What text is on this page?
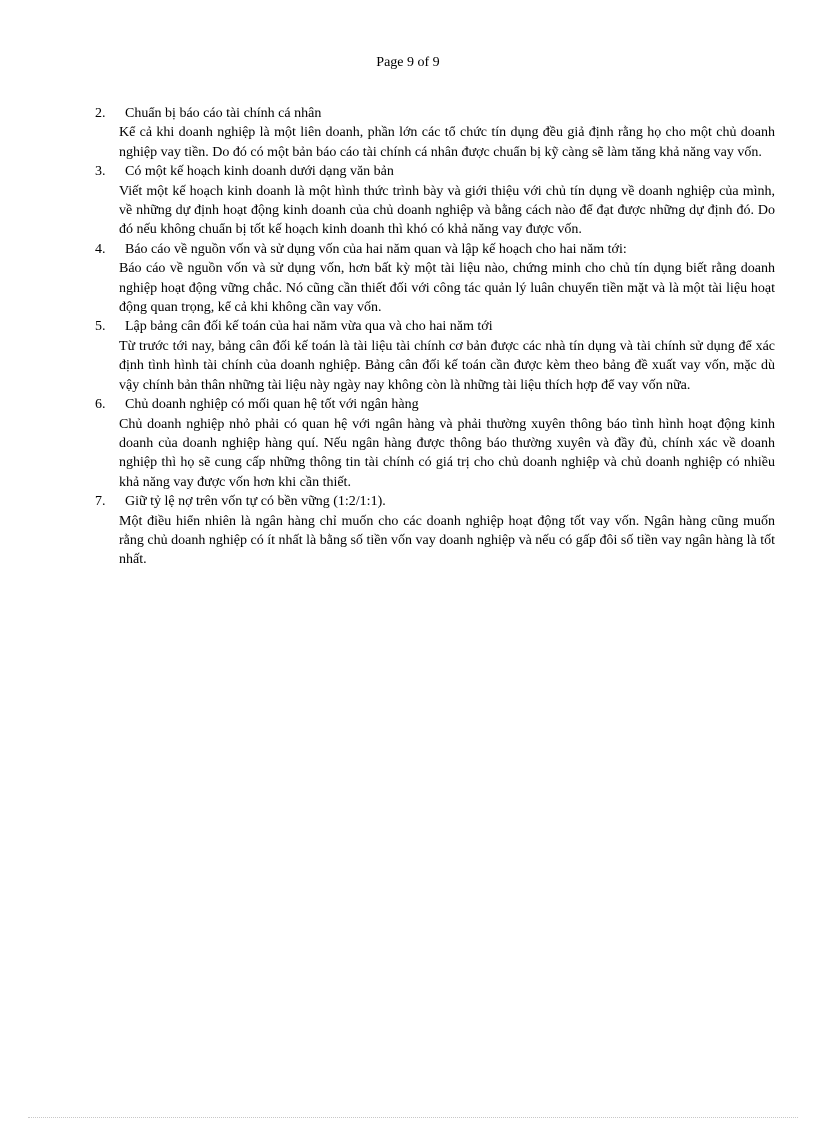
Page 9 of 9
2.	Chuẩn bị báo cáo tài chính cá nhân
Kể cả khi doanh nghiệp là một liên doanh, phần lớn các tổ chức tín dụng đều giả định rằng họ cho một chủ doanh nghiệp vay tiền. Do đó có một bản báo cáo tài chính cá nhân được chuẩn bị kỹ càng sẽ làm tăng khả năng vay vốn.
3.	Có một kế hoạch kinh doanh dưới dạng văn bản
Viết một kế hoạch kinh doanh là một hình thức trình bày và giới thiệu với chủ tín dụng về doanh nghiệp của mình, về những dự định hoạt động kinh doanh của chủ doanh nghiệp và bằng cách nào để đạt được những dự định đó. Do đó nếu không chuẩn bị tốt kế hoạch kinh doanh thì khó có khả năng vay được vốn.
4.	Báo cáo về nguồn vốn và sử dụng vốn của hai năm quan và lập kế hoạch cho hai năm tới:
Báo cáo về nguồn vốn và sử dụng vốn, hơn bất kỳ một tài liệu nào, chứng minh cho chủ tín dụng biết rằng doanh nghiệp hoạt động vững chắc. Nó cũng cần thiết đối với công tác quản lý luân chuyển tiền mặt và là một tài liệu hoạt động quan trọng, kể cả khi không cần vay vốn.
5.	Lập bảng cân đối kế toán của hai năm vừa qua và cho hai năm tới
Từ trước tới nay, bảng cân đối kế toán là tài liệu tài chính cơ bản được các nhà tín dụng và tài chính sử dụng để xác định tình hình tài chính của doanh nghiệp. Bảng cân đối kế toán cần được kèm theo bảng đề xuất vay vốn, mặc dù vậy chính bản thân những tài liệu này ngày nay không còn là những tài liệu thích hợp để vay vốn nữa.
6.	Chủ doanh nghiệp có mối quan hệ tốt với ngân hàng
Chủ doanh nghiệp nhỏ phải có quan hệ với ngân hàng và phải thường xuyên thông báo tình hình hoạt động kinh doanh của doanh nghiệp hàng quí. Nếu ngân hàng được thông báo thường xuyên và đầy đủ, chính xác về doanh nghiệp thì họ sẽ cung cấp những thông tin tài chính có giá trị cho chủ doanh nghiệp và chủ doanh nghiệp có nhiều khả năng vay được vốn hơn khi cần thiết.
7.	Giữ tỷ lệ nợ trên vốn tự có bền vững (1:2/1:1).
Một điều hiển nhiên là ngân hàng chỉ muốn cho các doanh nghiệp hoạt động tốt vay vốn. Ngân hàng cũng muốn rằng chủ doanh nghiệp có ít nhất là bằng số tiền vốn vay doanh nghiệp và nếu có gấp đôi số tiền vay ngân hàng là tốt nhất.
